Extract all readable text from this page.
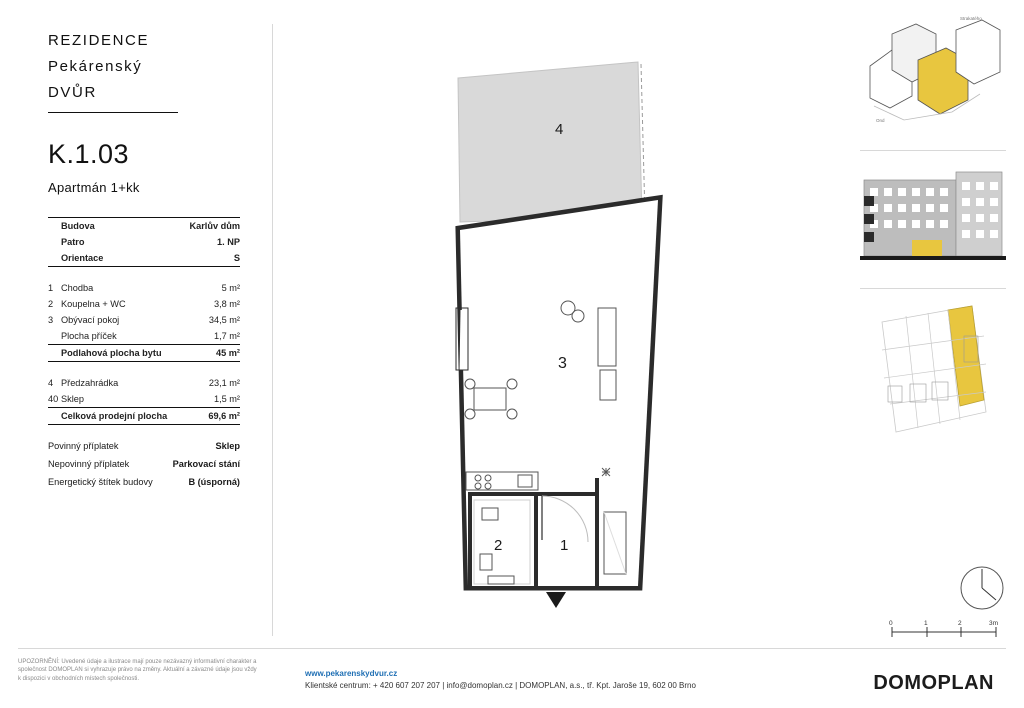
REZIDENCE
Pekárenský
DVŮR
K.1.03
Apartmán 1+kk
	Budova	Karlův dům
	Patro	1. NP
	Orientace	S

1	Chodba	5 m²
2	Koupelna + WC	3,8 m²
3	Obývací pokoj	34,5 m²
	Plocha příček	1,7 m²
	Podlahová plocha bytu	45 m²

4	Předzahrádka	23,1 m²
40	Sklep	1,5 m²
	Celková prodejní plocha	69,6 m²
Povinný příplatek	Sklep
Nepovinný příplatek	Parkovací stání
Energetický štítek budovy	B (úsporná)
4
3
2	1
Strakatého
Ond
0	1	2	3m
UPOZORNĚNÍ: Uvedené údaje a ilustrace mají pouze nezávazný informativní charakter a společnost DOMOPLAN si vyhrazuje právo na změny. Aktuální a závazné údaje jsou vždy k dispozici v obchodních místech společnosti.
www.pekarenskydvur.cz
Klientské centrum: + 420 607 207 207 | info@domoplan.cz | DOMOPLAN, a.s., tř. Kpt. Jaroše 19, 602 00 Brno	DOMOPLAN
